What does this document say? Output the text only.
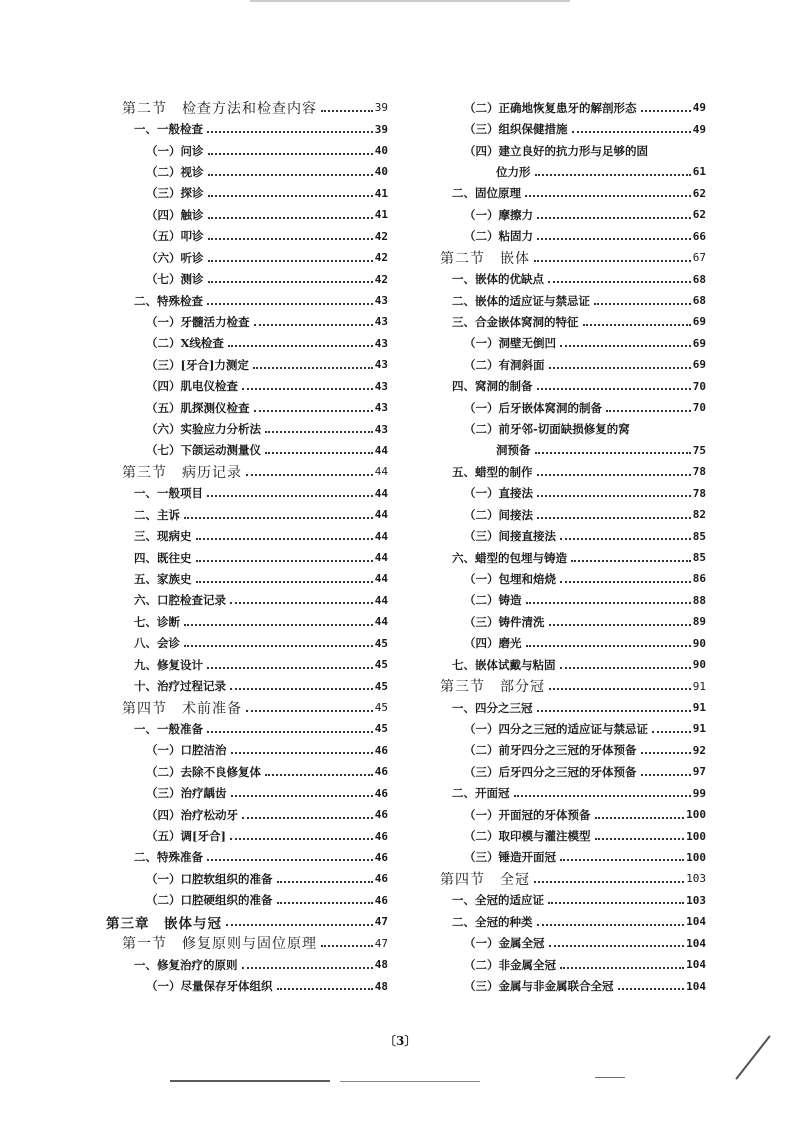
第二节　检查方法和检查内容	39
一、一般检查	39
（一）问诊	40
（二）视诊	40
（三）探诊	41
（四）触诊	41
（五）叩诊	42
（六）听诊	42
（七）测诊	42
二、特殊检查	43
（一）牙髓活力检查	43
（二）X线检查	43
（三）[牙合]力测定	43
（四）肌电仪检查	43
（五）肌探测仪检查	43
（六）实验应力分析法	43
（七）下颌运动测量仪	44
第三节　病历记录	44
一、一般项目	44
二、主诉	44
三、现病史	44
四、既往史	44
五、家族史	44
六、口腔检查记录	44
七、诊断	44
八、会诊	45
九、修复设计	45
十、治疗过程记录	45
第四节　术前准备	45
一、一般准备	45
（一）口腔洁治	46
（二）去除不良修复体	46
（三）治疗龋齿	46
（四）治疗松动牙	46
（五）调[牙合]	46
二、特殊准备	46
（一）口腔软组织的准备	46
（二）口腔硬组织的准备	46
第三章　嵌体与冠	47
第一节　修复原则与固位原理	47
一、修复治疗的原则	48
（一）尽量保存牙体组织	48
（二）正确地恢复患牙的解剖形态	49
（三）组织保健措施	49
（四）建立良好的抗力形与足够的固
位力形	61
二、固位原理	62
（一）摩擦力	62
（二）粘固力	66
第二节　嵌体	67
一、嵌体的优缺点	68
二、嵌体的适应证与禁忌证	68
三、合金嵌体窝洞的特征	69
（一）洞壁无倒凹	69
（二）有洞斜面	69
四、窝洞的制备	70
（一）后牙嵌体窝洞的制备	70
（二）前牙邻-切面缺损修复的窝
洞预备	75
五、蜡型的制作	78
（一）直接法	78
（二）间接法	82
（三）间接直接法	85
六、蜡型的包埋与铸造	85
（一）包埋和焙烧	86
（二）铸造	88
（三）铸件清洗	89
（四）磨光	90
七、嵌体试戴与粘固	90
第三节　部分冠	91
一、四分之三冠	91
（一）四分之三冠的适应证与禁忌证	91
（二）前牙四分之三冠的牙体预备	92
（三）后牙四分之三冠的牙体预备	97
二、开面冠	99
（一）开面冠的牙体预备	100
（二）取印模与灌注模型	100
（三）锤造开面冠	100
第四节　全冠	103
一、全冠的适应证	103
二、全冠的种类	104
（一）金属全冠	104
（二）非金属全冠	104
（三）金属与非金属联合全冠	104
〔3〕
